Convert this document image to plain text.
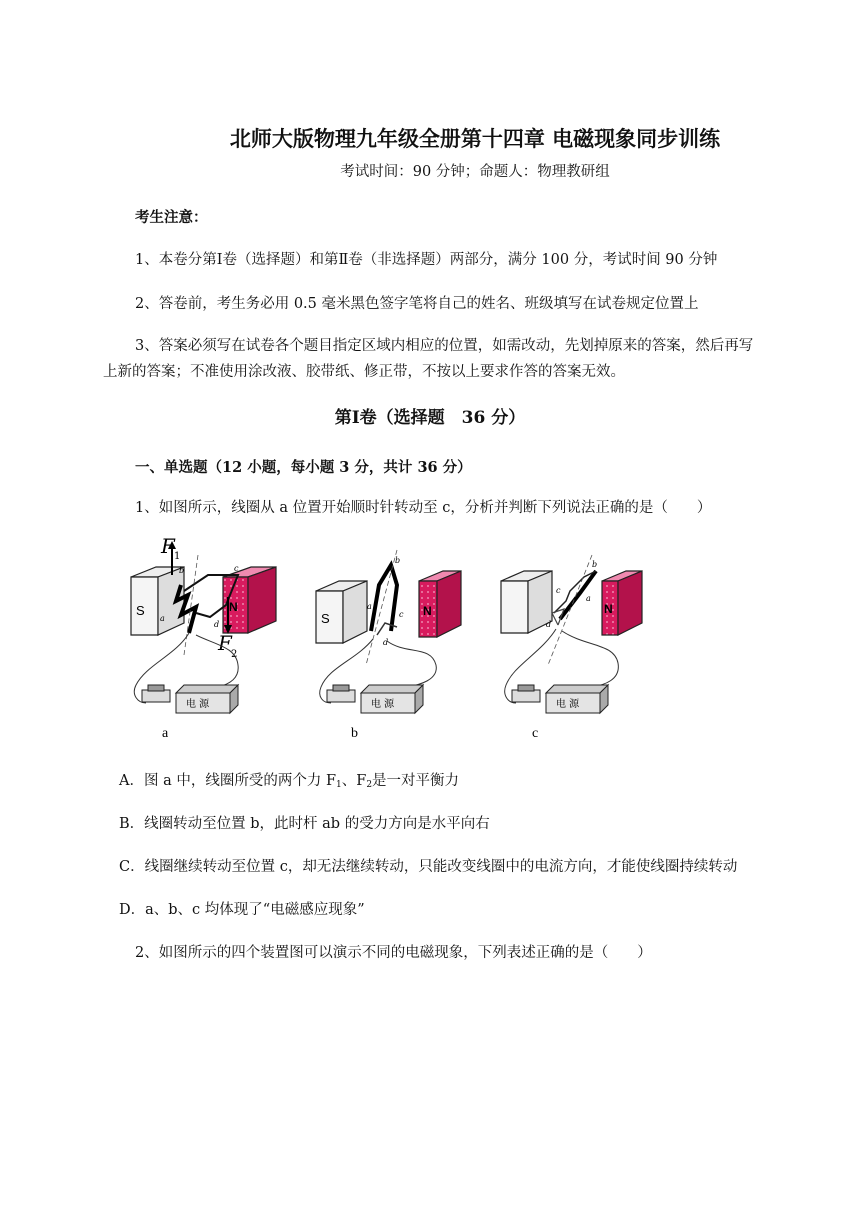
北师大版物理九年级全册第十四章 电磁现象同步训练
考试时间：90 分钟；命题人：物理教研组
考生注意：
1、本卷分第Ⅰ卷（选择题）和第Ⅱ卷（非选择题）两部分，满分 100 分，考试时间 90 分钟
2、答卷前，考生务必用 0.5 毫米黑色签字笔将自己的姓名、班级填写在试卷规定位置上
3、答案必须写在试卷各个题目指定区域内相应的位置，如需改动，先划掉原来的答案，然后再写
上新的答案；不准使用涂改液、胶带纸、修正带，不按以上要求作答的答案无效。
第Ⅰ卷（选择题　36 分）
一、单选题（12 小题，每小题 3 分，共计 36 分）
1、如图所示，线圈从 a 位置开始顺时针转动至 c，分析并判断下列说法正确的是（　　）
S	N
F 1
F 2
b	c
a
d
电 源
a
S	N
b
c
a
d
电 源
b
N
b
c
a
d
电 源
c
A．图 a 中，线圈所受的两个力 $F_1$、$F_2$是一对平衡力
B．线圈转动至位置 b，此时杆 ab 的受力方向是水平向右
C．线圈继续转动至位置 c，却无法继续转动，只能改变线圈中的电流方向，才能使线圈持续转动
D．a、b、c 均体现了“电磁感应现象”
2、如图所示的四个装置图可以演示不同的电磁现象，下列表述正确的是（　　）
